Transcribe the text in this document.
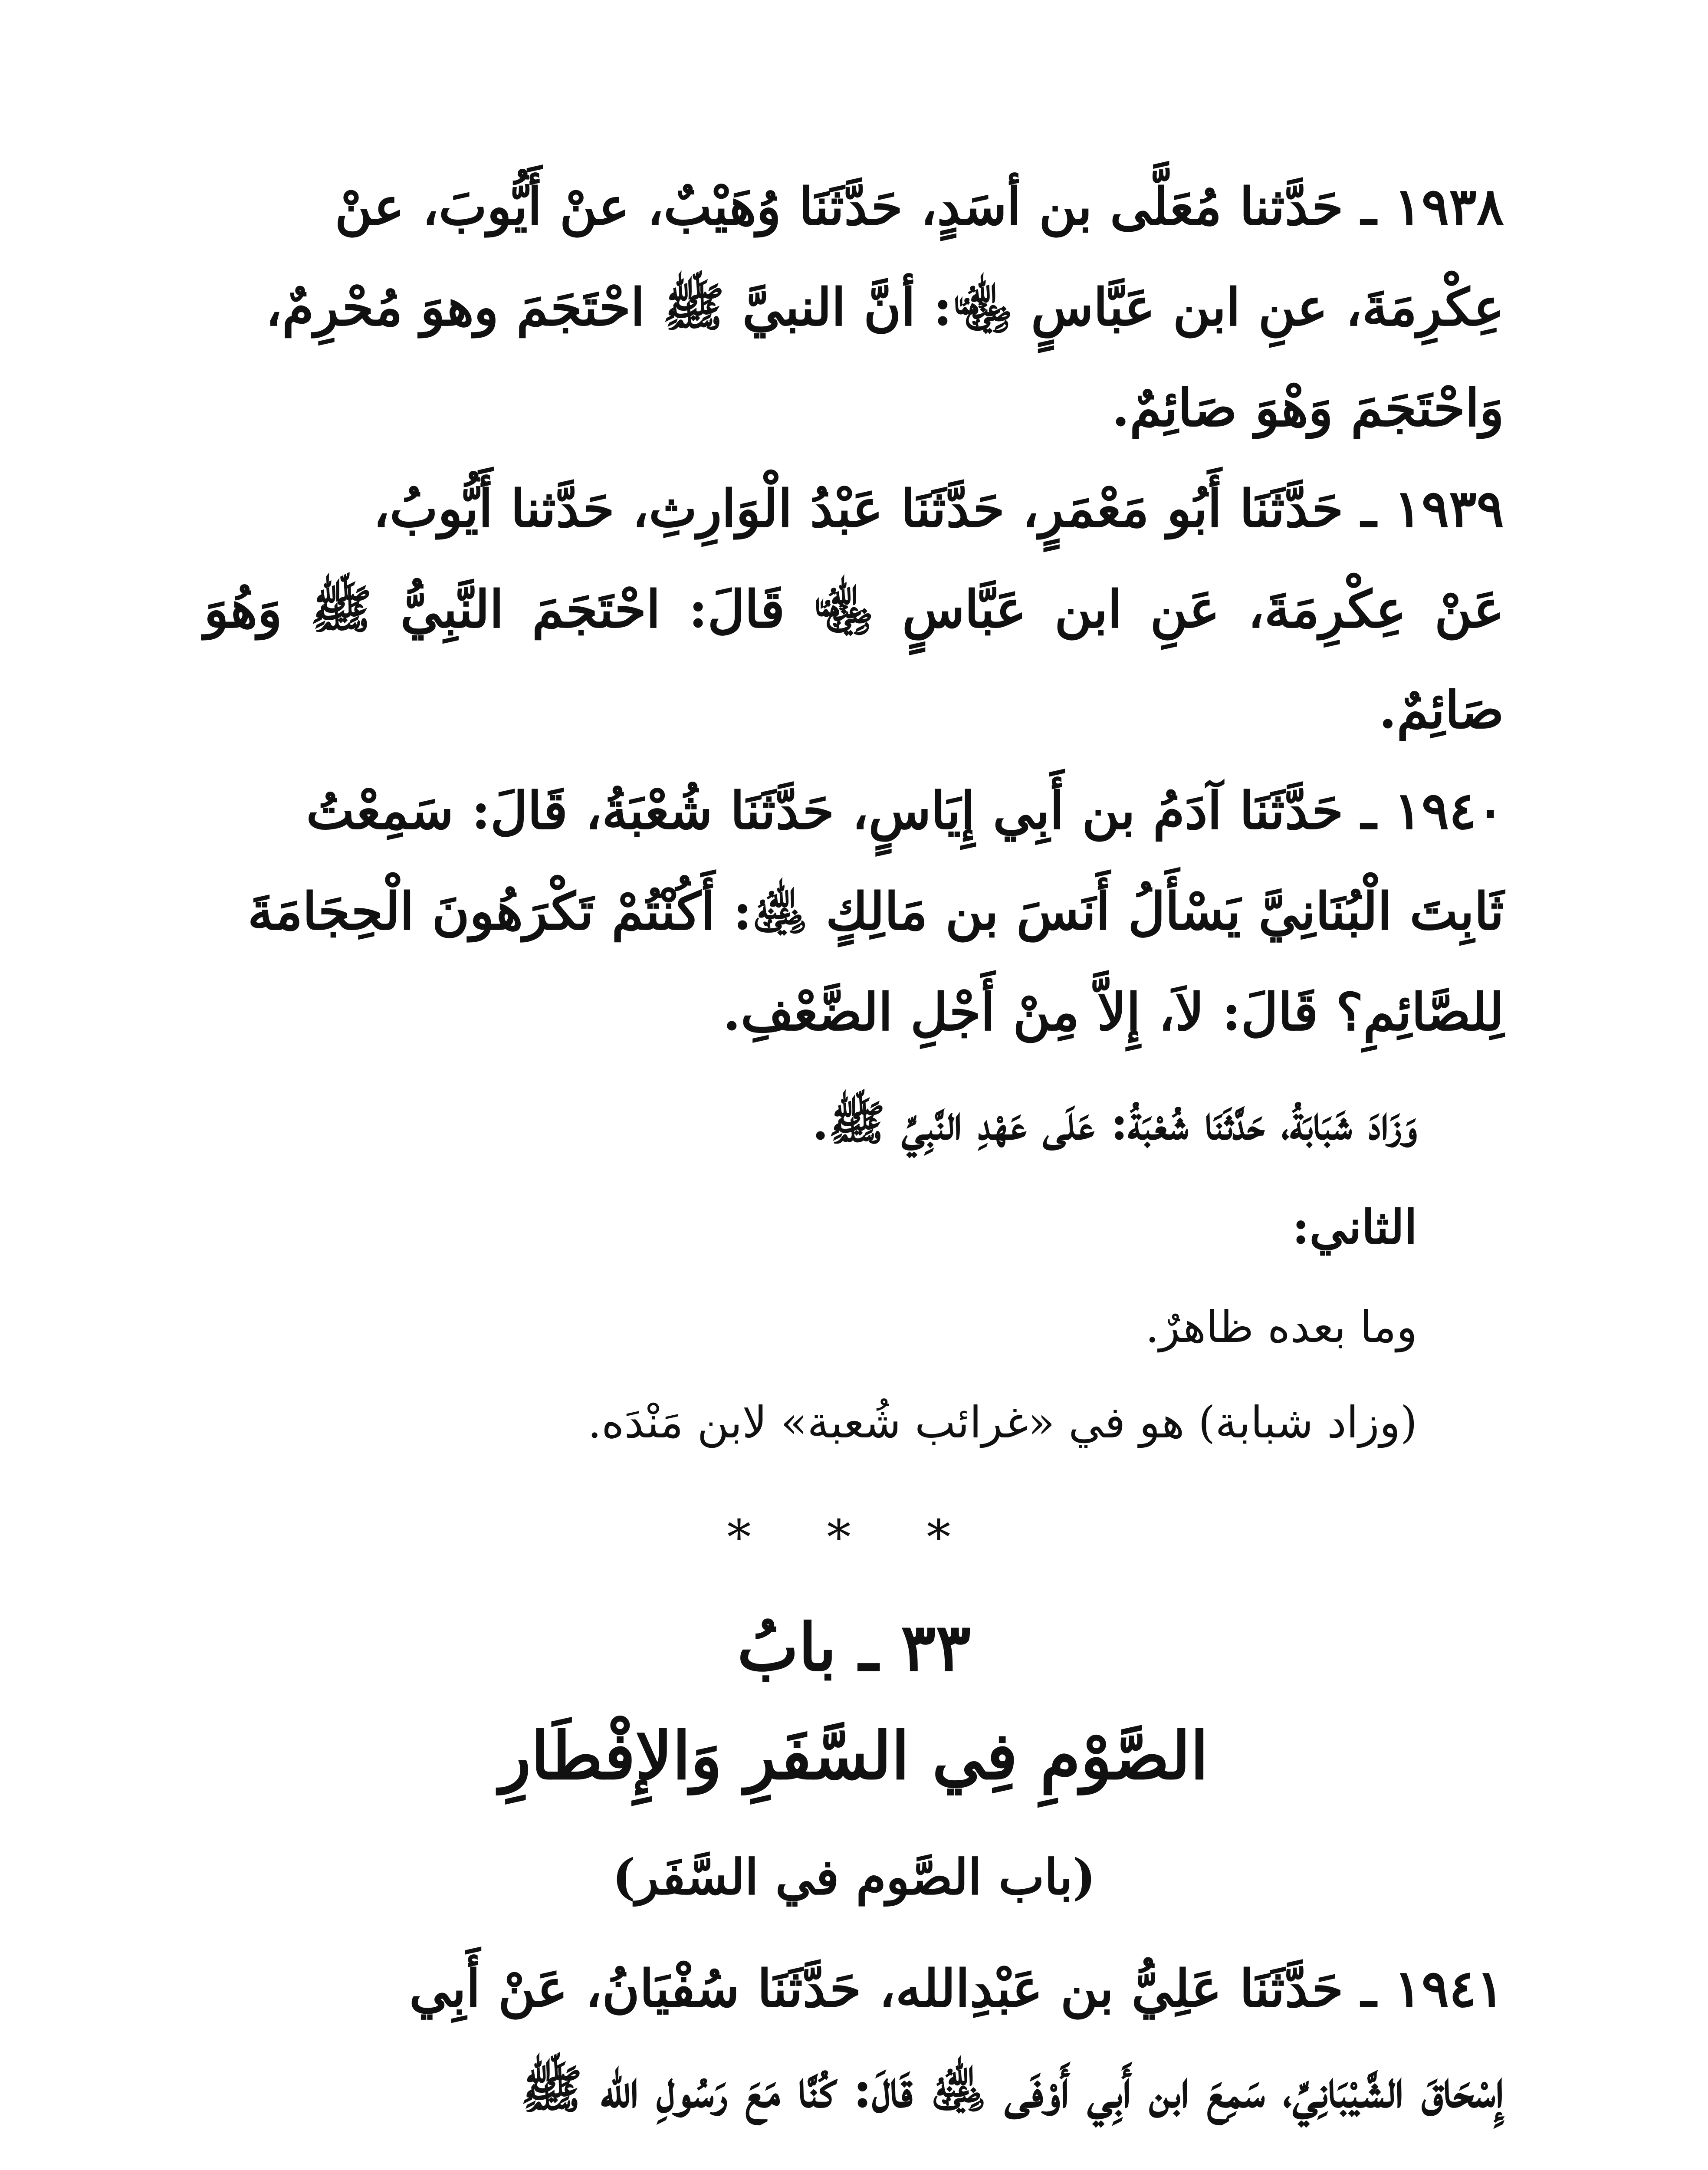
١٩٣٨ ـ حَدَّثنا مُعَلَّى بن أسَدٍ، حَدَّثَنَا وُهَيْبٌ، عنْ أَيُّوبَ، عنْ
عِكْرِمَةَ، عنِ ابن عَبَّاسٍ ﵄: أنَّ النبيَّ ﷺ احْتَجَمَ وهوَ مُحْرِمٌ،
وَاحْتَجَمَ وَهْوَ صَائِمٌ.

١٩٣٩ ـ حَدَّثَنَا أَبُو مَعْمَرٍ، حَدَّثَنَا عَبْدُ الْوَارِثِ، حَدَّثنا أَيُّوبُ،
عَنْ عِكْرِمَةَ، عَنِ ابن عَبَّاسٍ ﵄ قَالَ: احْتَجَمَ النَّبِيُّ ﷺ وَهُوَ صَائِمٌ.

١٩٤٠ ـ حَدَّثَنَا آدَمُ بن أَبِي إِيَاسٍ، حَدَّثَنَا شُعْبَةُ، قَالَ: سَمِعْتُ
ثَابِتَ الْبُنَانِيَّ يَسْأَلُ أَنَسَ بن مَالِكٍ ﵁: أَكُنْتُمْ تَكْرَهُونَ الْحِجَامَةَ
لِلصَّائِمِ؟ قَالَ: لاَ، إِلاَّ مِنْ أَجْلِ الضَّعْفِ.

وَزَادَ شَبَابَةُ، حَدَّثَنَا شُعْبَةُ: عَلَى عَهْدِ النَّبِيِّ ﷺ.

الثاني:

وما بعده ظاهرٌ.

(وزاد شبابة) هو في «غرائب شُعبة» لابن مَنْدَه.

* * *
٣٣ ـ بابُ
الصَّوْمِ فِي السَّفَرِ وَالإِفْطَارِ
(باب الصَّوم في السَّفَر)

١٩٤١ ـ حَدَّثَنَا عَلِيُّ بن عَبْدِالله، حَدَّثَنَا سُفْيَانُ، عَنْ أَبِي
إِسْحَاقَ الشَّيْبَانِيِّ، سَمِعَ ابن أَبِي أَوْفَى ﵁ قَالَ: كُنَّا مَعَ رَسُولِ الله ﷺ
